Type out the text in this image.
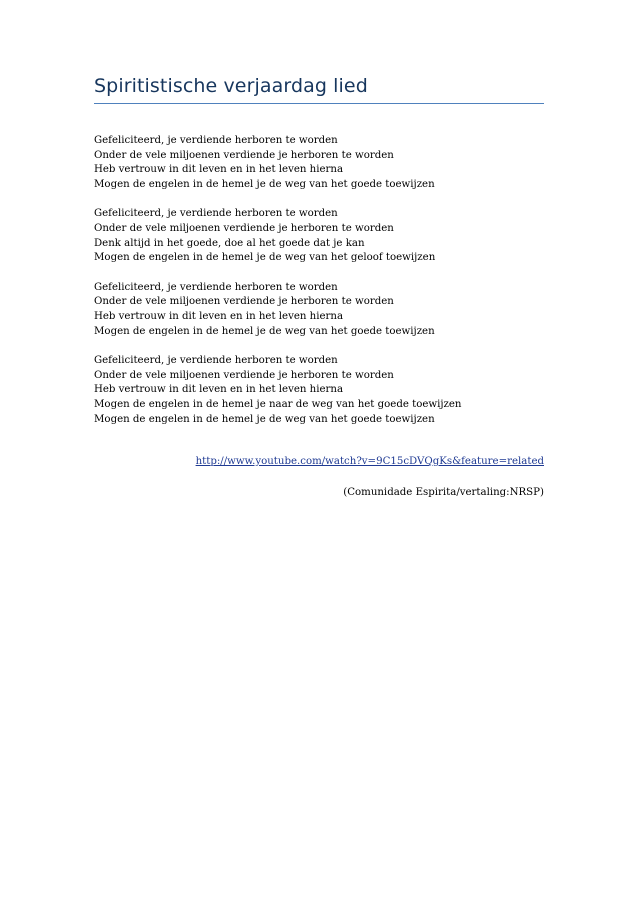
Spiritistische verjaardag lied
Gefeliciteerd, je verdiende herboren te worden
Onder de vele miljoenen verdiende je herboren te worden
Heb vertrouw in dit leven en in het leven hierna
Mogen de engelen in de hemel je de weg van het goede toewijzen
Gefeliciteerd, je verdiende herboren te worden
Onder de vele miljoenen verdiende je herboren te worden
Denk altijd in het goede, doe al het goede dat je kan
Mogen de engelen in de hemel je de weg van het geloof toewijzen
Gefeliciteerd, je verdiende herboren te worden
Onder de vele miljoenen verdiende je herboren te worden
Heb vertrouw in dit leven en in het leven hierna
Mogen de engelen in de hemel je de weg van het goede toewijzen
Gefeliciteerd, je verdiende herboren te worden
Onder de vele miljoenen verdiende je herboren te worden
Heb vertrouw in dit leven en in het leven hierna
Mogen de engelen in de hemel je naar de weg van het goede toewijzen
Mogen de engelen in de hemel je de weg van het goede toewijzen
http://www.youtube.com/watch?v=9C15cDVQgKs&feature=related
(Comunidade Espirita/vertaling:NRSP)
